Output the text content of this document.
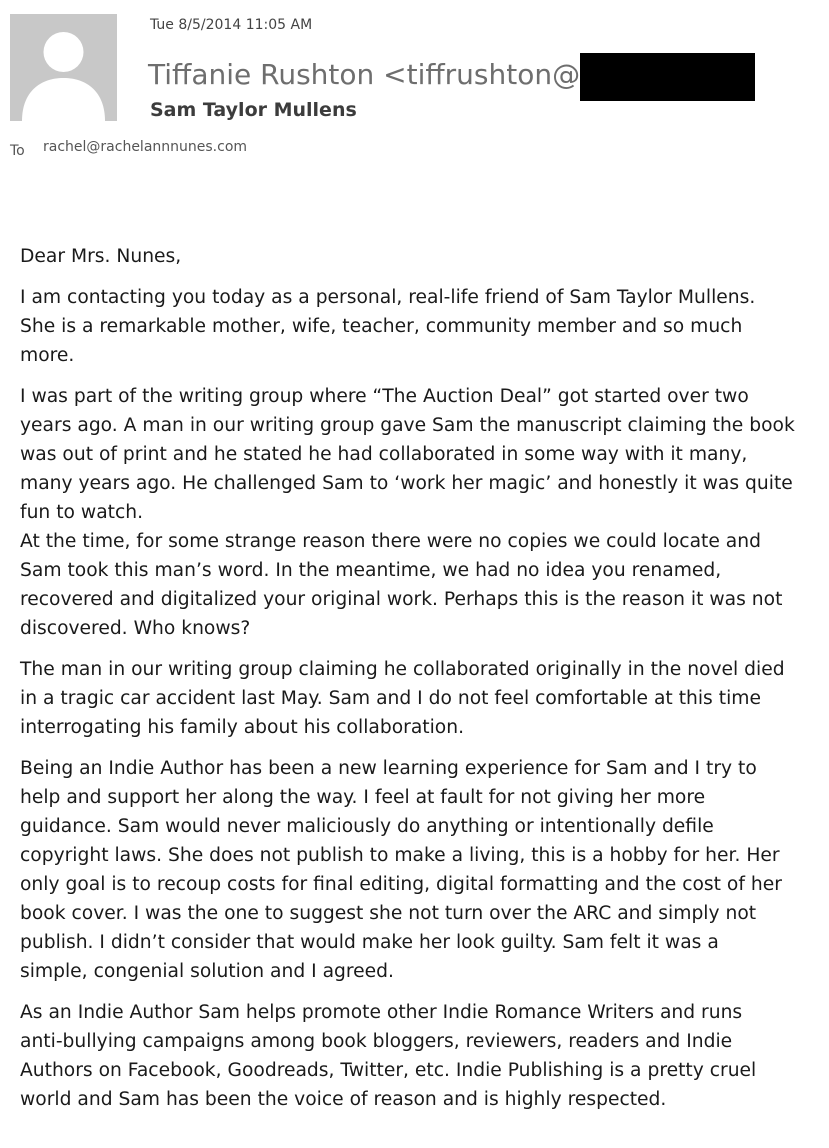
Tue 8/5/2014 11:05 AM
Tiffanie Rushton <tiffrushton@
Sam Taylor Mullens
To rachel@rachelannnunes.com

Dear Mrs. Nunes,

I am contacting you today as a personal, real-life friend of Sam Taylor Mullens.
She is a remarkable mother, wife, teacher, community member and so much
more.

I was part of the writing group where “The Auction Deal” got started over two
years ago. A man in our writing group gave Sam the manuscript claiming the book
was out of print and he stated he had collaborated in some way with it many,
many years ago. He challenged Sam to ‘work her magic’ and honestly it was quite
fun to watch.
At the time, for some strange reason there were no copies we could locate and
Sam took this man’s word. In the meantime, we had no idea you renamed,
recovered and digitalized your original work. Perhaps this is the reason it was not
discovered. Who knows?

The man in our writing group claiming he collaborated originally in the novel died
in a tragic car accident last May. Sam and I do not feel comfortable at this time
interrogating his family about his collaboration.

Being an Indie Author has been a new learning experience for Sam and I try to
help and support her along the way. I feel at fault for not giving her more
guidance. Sam would never maliciously do anything or intentionally defile
copyright laws. She does not publish to make a living, this is a hobby for her. Her
only goal is to recoup costs for final editing, digital formatting and the cost of her
book cover. I was the one to suggest she not turn over the ARC and simply not
publish. I didn’t consider that would make her look guilty. Sam felt it was a
simple, congenial solution and I agreed.

As an Indie Author Sam helps promote other Indie Romance Writers and runs
anti-bullying campaigns among book bloggers, reviewers, readers and Indie
Authors on Facebook, Goodreads, Twitter, etc. Indie Publishing is a pretty cruel
world and Sam has been the voice of reason and is highly respected.
